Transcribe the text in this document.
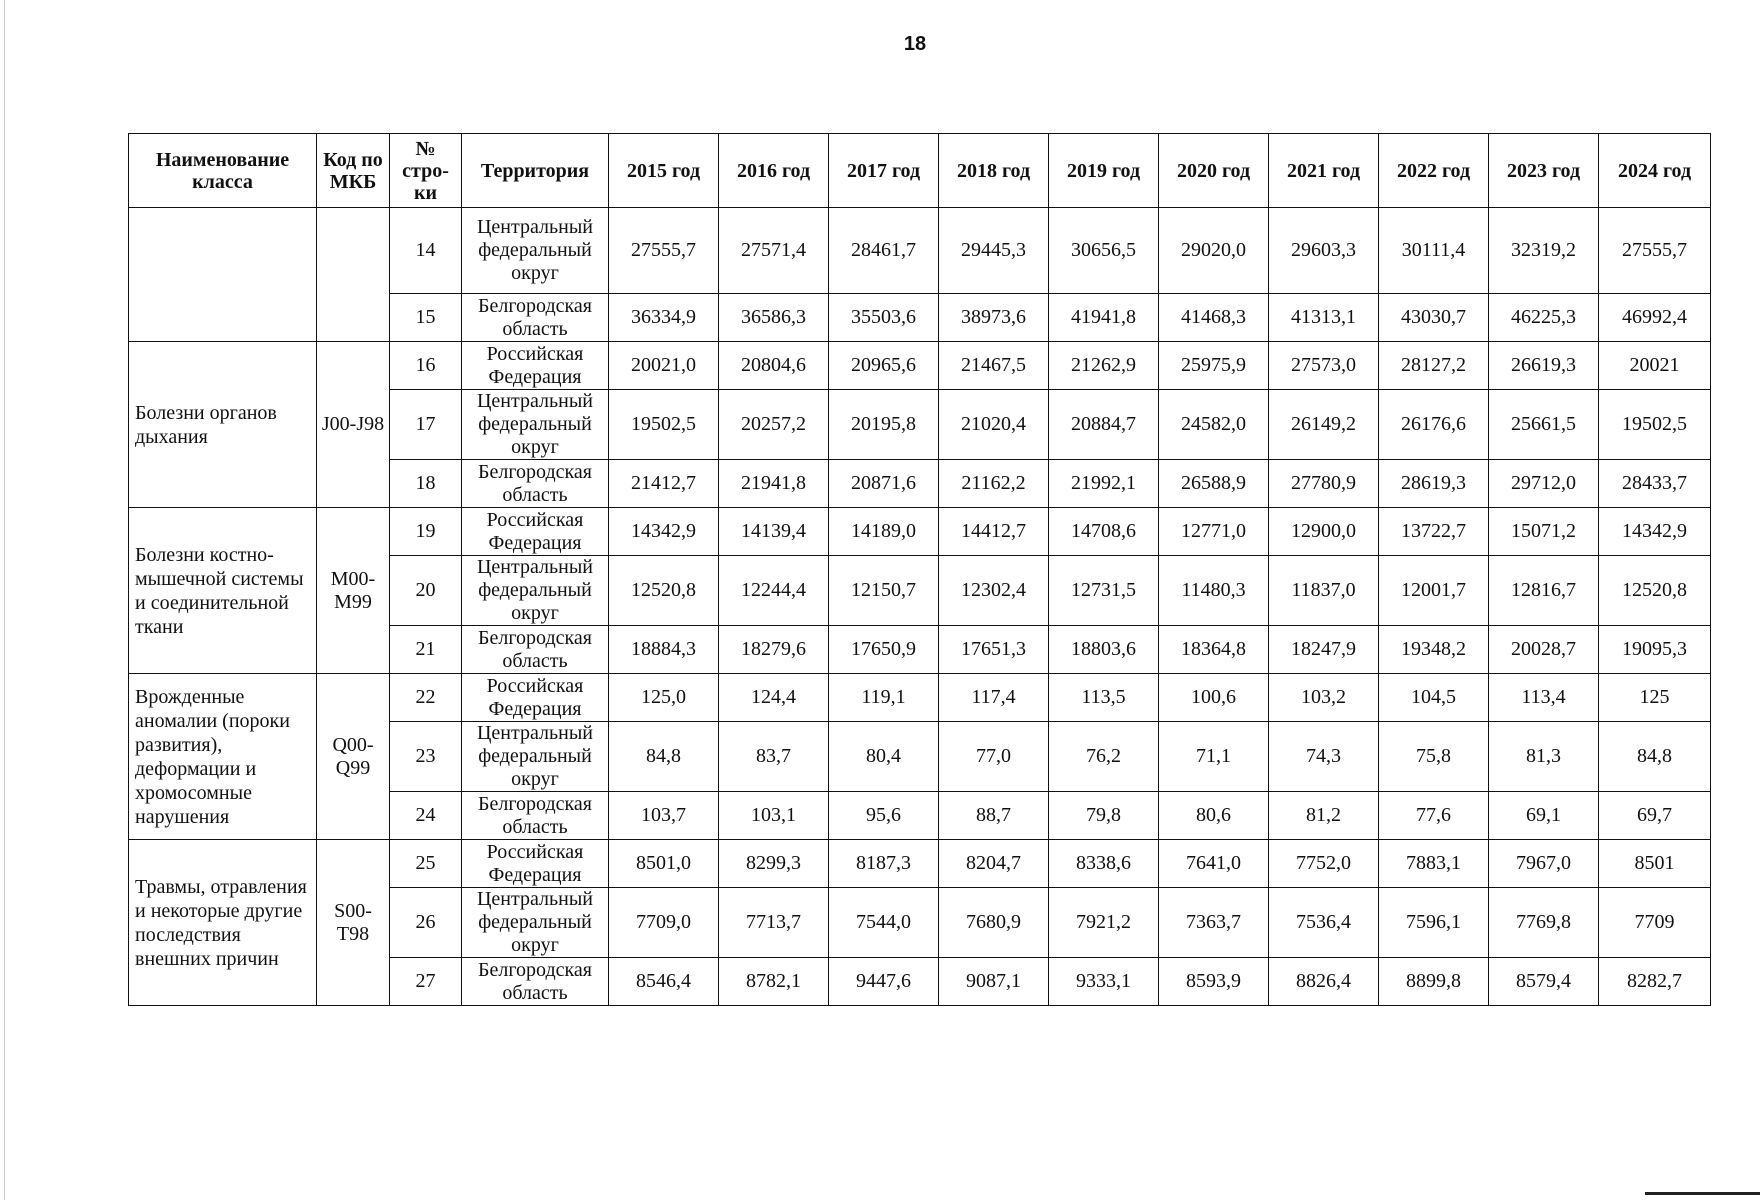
18
Наименование класса	Код по МКБ	№ стро-ки	Территория	2015 год	2016 год	2017 год	2018 год	2019 год	2020 год	2021 год	2022 год	2023 год	2024 год
		14	Центральный федеральный округ	27555,7	27571,4	28461,7	29445,3	30656,5	29020,0	29603,3	30111,4	32319,2	27555,7
		15	Белгородская область	36334,9	36586,3	35503,6	38973,6	41941,8	41468,3	41313,1	43030,7	46225,3	46992,4
Болезни органов дыхания	J00-J98	16	Российская Федерация	20021,0	20804,6	20965,6	21467,5	21262,9	25975,9	27573,0	28127,2	26619,3	20021
		17	Центральный федеральный округ	19502,5	20257,2	20195,8	21020,4	20884,7	24582,0	26149,2	26176,6	25661,5	19502,5
		18	Белгородская область	21412,7	21941,8	20871,6	21162,2	21992,1	26588,9	27780,9	28619,3	29712,0	28433,7
Болезни костно-мышечной системы и соединительной ткани	M00-M99	19	Российская Федерация	14342,9	14139,4	14189,0	14412,7	14708,6	12771,0	12900,0	13722,7	15071,2	14342,9
		20	Центральный федеральный округ	12520,8	12244,4	12150,7	12302,4	12731,5	11480,3	11837,0	12001,7	12816,7	12520,8
		21	Белгородская область	18884,3	18279,6	17650,9	17651,3	18803,6	18364,8	18247,9	19348,2	20028,7	19095,3
Врожденные аномалии (пороки развития), деформации и хромосомные нарушения	Q00-Q99	22	Российская Федерация	125,0	124,4	119,1	117,4	113,5	100,6	103,2	104,5	113,4	125
		23	Центральный федеральный округ	84,8	83,7	80,4	77,0	76,2	71,1	74,3	75,8	81,3	84,8
		24	Белгородская область	103,7	103,1	95,6	88,7	79,8	80,6	81,2	77,6	69,1	69,7
Травмы, отравления и некоторые другие последствия внешних причин	S00-T98	25	Российская Федерация	8501,0	8299,3	8187,3	8204,7	8338,6	7641,0	7752,0	7883,1	7967,0	8501
		26	Центральный федеральный округ	7709,0	7713,7	7544,0	7680,9	7921,2	7363,7	7536,4	7596,1	7769,8	7709
		27	Белгородская область	8546,4	8782,1	9447,6	9087,1	9333,1	8593,9	8826,4	8899,8	8579,4	8282,7
